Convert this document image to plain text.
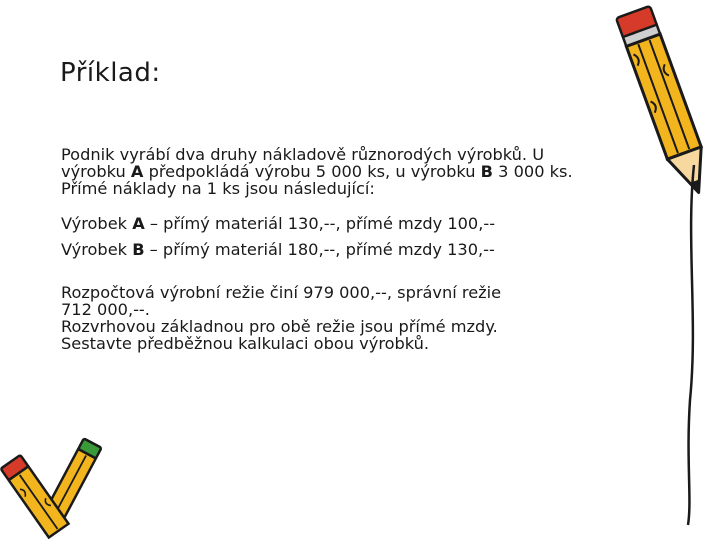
Příklad:
Podnik vyrábí dva druhy nákladově různorodých výrobků. U
výrobku A předpokládá výrobu 5 000 ks, u výrobku B 3 000 ks.
Přímé náklady na 1 ks jsou následující:
Výrobek A – přímý materiál 130,--, přímé mzdy 100,--
Výrobek B – přímý materiál 180,--, přímé mzdy 130,--
Rozpočtová výrobní režie činí 979 000,--, správní režie
712 000,--.
Rozvrhovou základnou pro obě režie jsou přímé mzdy.
Sestavte předběžnou kalkulaci obou výrobků.
